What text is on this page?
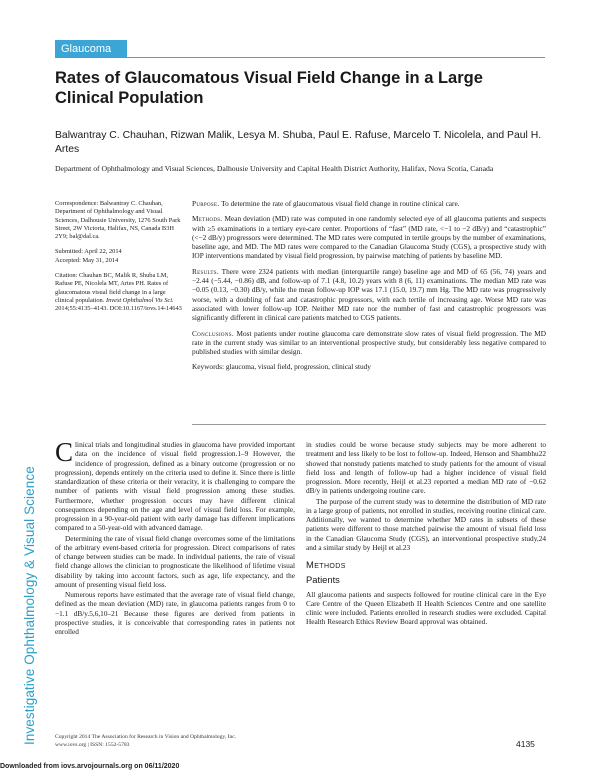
Investigative Ophthalmology & Visual Science
Glaucoma
Rates of Glaucomatous Visual Field Change in a Large Clinical Population
Balwantray C. Chauhan, Rizwan Malik, Lesya M. Shuba, Paul E. Rafuse, Marcelo T. Nicolela, and Paul H. Artes
Department of Ophthalmology and Visual Sciences, Dalhousie University and Capital Health District Authority, Halifax, Nova Scotia, Canada

Correspondence: Balwantray C. Chauhan, Department of Ophthalmology and Visual Sciences, Dalhousie University, 1276 South Park Street, 2W Victoria, Halifax, NS, Canada B3H 2Y9; bal@dal.ca.

Submitted: April 22, 2014
Accepted: May 31, 2014

Citation: Chauhan BC, Malik R, Shuba LM, Rafuse PE, Nicolela MT, Artes PH. Rates of glaucomatous visual field change in a large clinical population. Invest Ophthalmol Vis Sci. 2014;55:4135–4143. DOI:10.1167/iovs.14-14643

Purpose. To determine the rate of glaucomatous visual field change in routine clinical care.

Methods. Mean deviation (MD) rate was computed in one randomly selected eye of all glaucoma patients and suspects with ≥5 examinations in a tertiary eye-care center. Proportions of “fast” (MD rate, <−1 to −2 dB/y) and “catastrophic” (<−2 dB/y) progressors were determined. The MD rates were computed in tertile groups by the number of examinations, baseline age, and MD. The MD rates were compared to the Canadian Glaucoma Study (CGS), a prospective study with IOP interventions mandated by visual field progression, by pairwise matching of patients by baseline MD.

Results. There were 2324 patients with median (interquartile range) baseline age and MD of 65 (56, 74) years and −2.44 (−5.44, −0.86) dB, and follow-up of 7.1 (4.8, 10.2) years with 8 (6, 11) examinations. The median MD rate was −0.05 (0.13, −0.30) dB/y, while the mean follow-up IOP was 17.1 (15.0, 19.7) mm Hg. The MD rate was progressively worse, with a doubling of fast and catastrophic progressors, with each tertile of increasing age. Worse MD rate was associated with lower follow-up IOP. Neither MD rate nor the number of fast and catastrophic progressors was significantly different in clinical care patients matched to CGS patients.

Conclusions. Most patients under routine glaucoma care demonstrate slow rates of visual field progression. The MD rate in the current study was similar to an interventional prospective study, but considerably less negative compared to published studies with similar design.

Keywords: glaucoma, visual field, progression, clinical study

Clinical trials and longitudinal studies in glaucoma have provided important data on the incidence of visual field progression.1–9 However, the incidence of progression, defined as a binary outcome (progression or no progression), depends entirely on the criteria used to define it. Since there is little standardization of these criteria or their veracity, it is challenging to compare the number of patients with visual field progression among these studies. Furthermore, whether progression occurs may have different clinical consequences depending on the age and level of visual field loss. For example, progression in a 90-year-old patient with early damage has different implications compared to a 50-year-old with advanced damage.

Determining the rate of visual field change overcomes some of the limitations of the arbitrary event-based criteria for progression. Direct comparisons of rates of change between studies can be made. In individual patients, the rate of visual field change allows the clinician to prognosticate the likelihood of lifetime visual disability by taking into account factors, such as age, life expectancy, and the amount of presenting visual field loss.

Numerous reports have estimated that the average rate of visual field change, defined as the mean deviation (MD) rate, in glaucoma patients ranges from 0 to −1.1 dB/y.5,6,10–21 Because these figures are derived from patients in prospective studies, it is conceivable that corresponding rates in patients not enrolled

in studies could be worse because study subjects may be more adherent to treatment and less likely to be lost to follow-up. Indeed, Henson and Shambhu22 showed that nonstudy patients matched to study patients for the amount of visual field loss and length of follow-up had a higher incidence of visual field progression. More recently, Heijl et al.23 reported a median MD rate of −0.62 dB/y in patients undergoing routine care.

The purpose of the current study was to determine the distribution of MD rate in a large group of patients, not enrolled in studies, receiving routine clinical care. Additionally, we wanted to determine whether MD rates in subsets of these patients were different to those matched pairwise the amount of visual field loss in the Canadian Glaucoma Study (CGS), an interventional prospective study,24 and a similar study by Heijl et al.23

Methods
Patients

All glaucoma patients and suspects followed for routine clinical care in the Eye Care Centre of the Queen Elizabeth II Health Sciences Centre and one satellite clinic were included. Patients enrolled in research studies were excluded. Capital Health Research Ethics Review Board approval was obtained.

Copyright 2014 The Association for Research in Vision and Ophthalmology, Inc.
www.iovs.org | ISSN: 1552-5783	4135
Downloaded from iovs.arvojournals.org on 06/11/2020
